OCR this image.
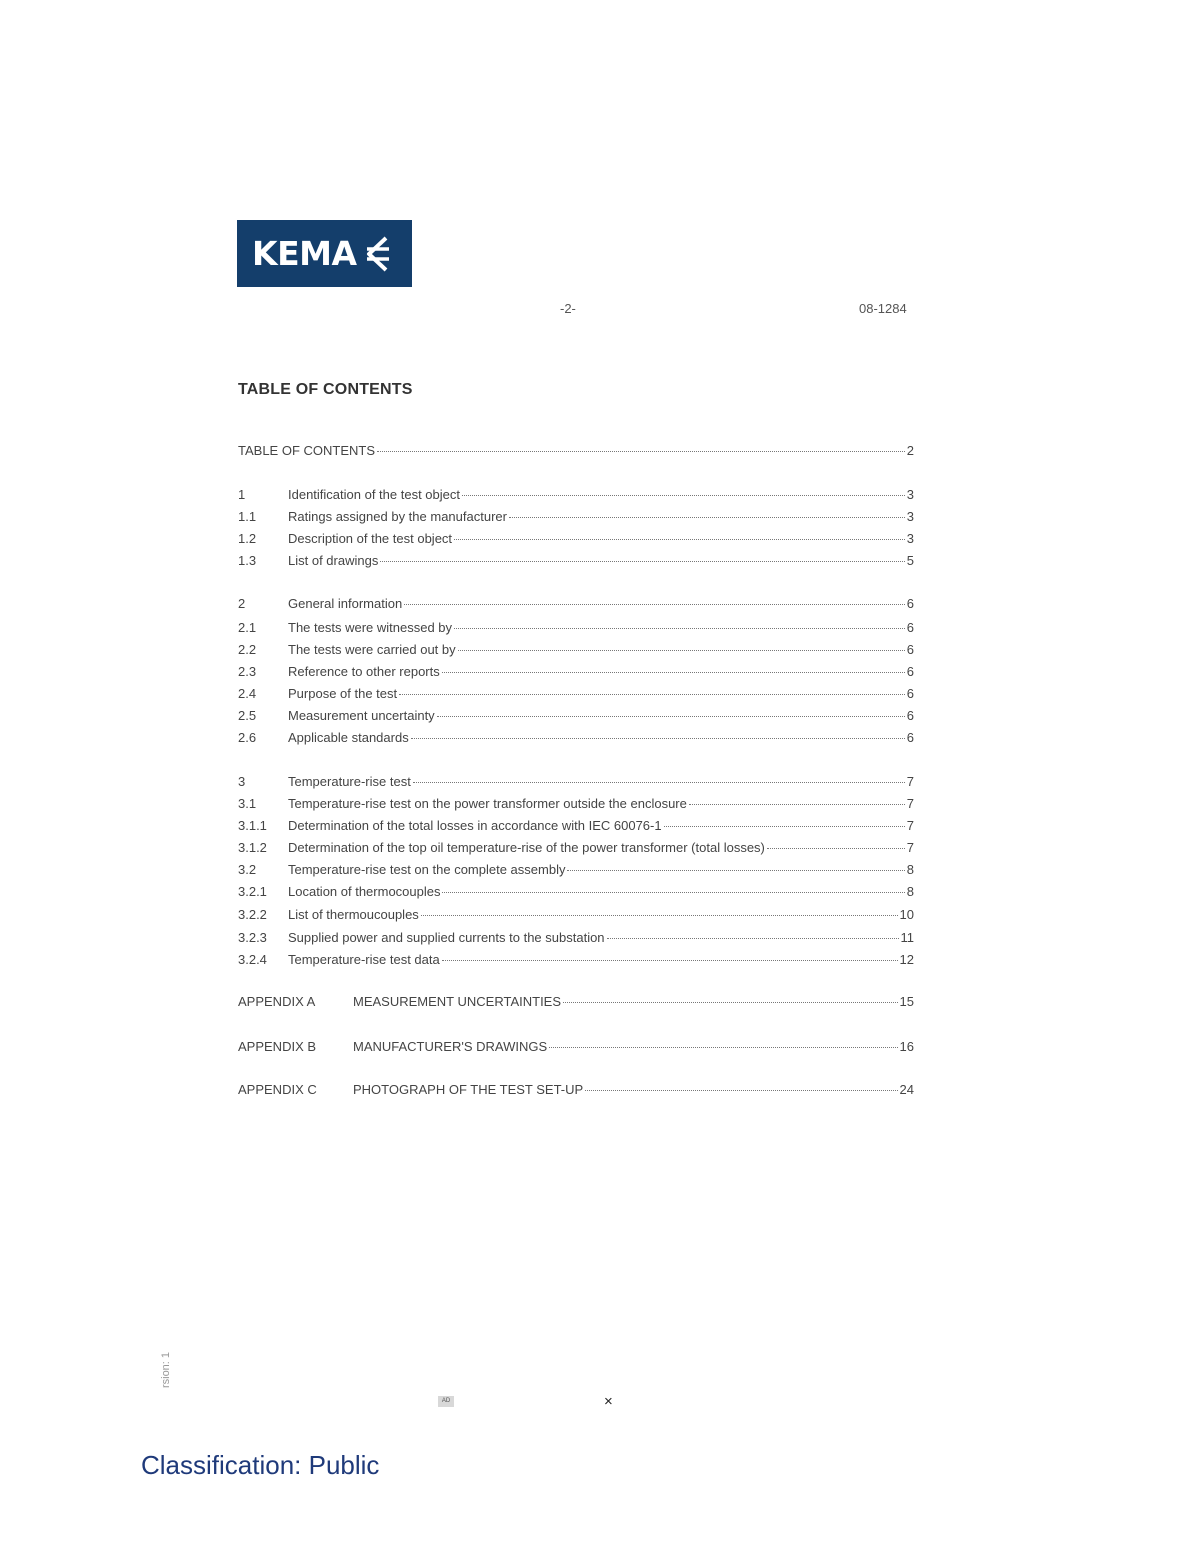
KEMA
-2-	08-1284
TABLE OF CONTENTS
TABLE OF CONTENTS	2
1	Identification of the test object	3
1.1	Ratings assigned by the manufacturer	3
1.2	Description of the test object	3
1.3	List of drawings	5
2	General information	6
2.1	The tests were witnessed by	6
2.2	The tests were carried out by	6
2.3	Reference to other reports	6
2.4	Purpose of the test	6
2.5	Measurement uncertainty	6
2.6	Applicable standards	6
3	Temperature-rise test	7
3.1	Temperature-rise test on the power transformer outside the enclosure	7
3.1.1	Determination of the total losses in accordance with IEC 60076-1	7
3.1.2	Determination of the top oil temperature-rise of the power transformer (total losses)	7
3.2	Temperature-rise test on the complete assembly	8
3.2.1	Location of thermocouples	8
3.2.2	List of thermoucouples	10
3.2.3	Supplied power and supplied currents to the substation	11
3.2.4	Temperature-rise test data	12
APPENDIX A	MEASUREMENT UNCERTAINTIES	15
APPENDIX B	MANUFACTURER'S DRAWINGS	16
APPENDIX C	PHOTOGRAPH OF THE TEST SET-UP	24
rsion: 1
AD	×
Classification: Public
